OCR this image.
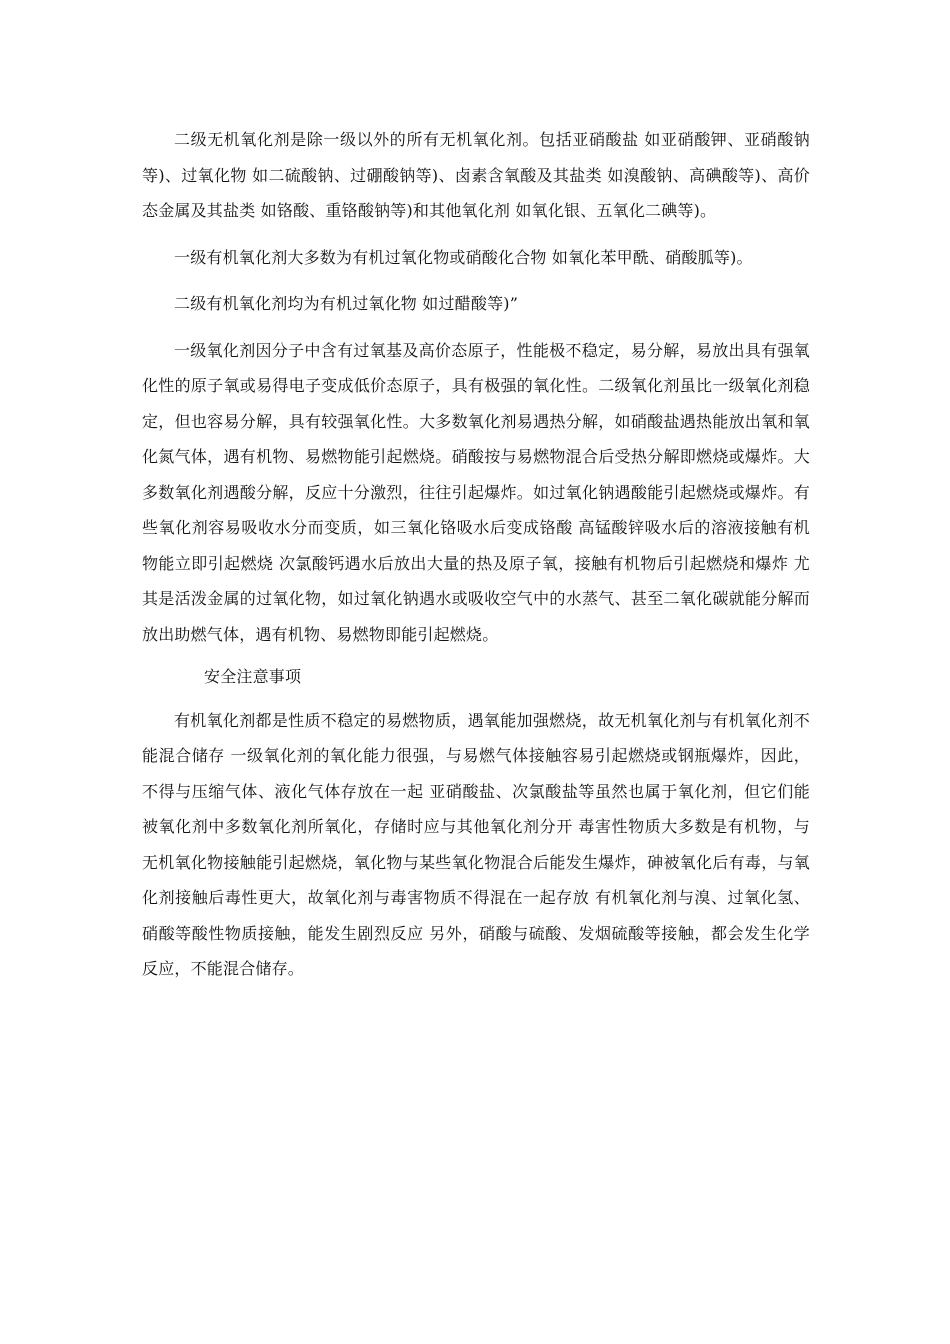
二级无机氧化剂是除一级以外的所有无机氧化剂。包括亚硝酸盐 如亚硝酸钾、亚硝酸钠等)、过氧化物 如二硫酸钠、过硼酸钠等)、卤素含氧酸及其盐类 如溴酸钠、高碘酸等)、高价态金属及其盐类 如铬酸、重铬酸钠等)和其他氧化剂 如氧化银、五氧化二碘等)。

一级有机氧化剂大多数为有机过氧化物或硝酸化合物 如氧化苯甲酰、硝酸胍等)。

二级有机氧化剂均为有机过氧化物 如过醋酸等)”

一级氧化剂因分子中含有过氧基及高价态原子，性能极不稳定，易分解，易放出具有强氧化性的原子氧或易得电子变成低价态原子，具有极强的氧化性。二级氧化剂虽比一级氧化剂稳定，但也容易分解，具有较强氧化性。大多数氧化剂易遇热分解，如硝酸盐遇热能放出氧和氧化氮气体，遇有机物、易燃物能引起燃烧。硝酸按与易燃物混合后受热分解即燃烧或爆炸。大多数氧化剂遇酸分解，反应十分激烈，往往引起爆炸。如过氧化钠遇酸能引起燃烧或爆炸。有些氧化剂容易吸收水分而变质，如三氧化铬吸水后变成铬酸 高锰酸锌吸水后的溶液接触有机物能立即引起燃烧 次氯酸钙遇水后放出大量的热及原子氧，接触有机物后引起燃烧和爆炸 尤其是活泼金属的过氧化物，如过氧化钠遇水或吸收空气中的水蒸气、甚至二氧化碳就能分解而放出助燃气体，遇有机物、易燃物即能引起燃烧。

安全注意事项

有机氧化剂都是性质不稳定的易燃物质，遇氧能加强燃烧，故无机氧化剂与有机氧化剂不能混合储存 一级氧化剂的氧化能力很强，与易燃气体接触容易引起燃烧或钢瓶爆炸，因此，不得与压缩气体、液化气体存放在一起 亚硝酸盐、次氯酸盐等虽然也属于氧化剂，但它们能被氧化剂中多数氧化剂所氧化，存储时应与其他氧化剂分开 毒害性物质大多数是有机物，与无机氧化物接触能引起燃烧，氧化物与某些氧化物混合后能发生爆炸，砷被氧化后有毒，与氧化剂接触后毒性更大，故氧化剂与毒害物质不得混在一起存放 有机氧化剂与溴、过氧化氢、硝酸等酸性物质接触，能发生剧烈反应 另外，硝酸与硫酸、发烟硫酸等接触，都会发生化学反应，不能混合储存。
